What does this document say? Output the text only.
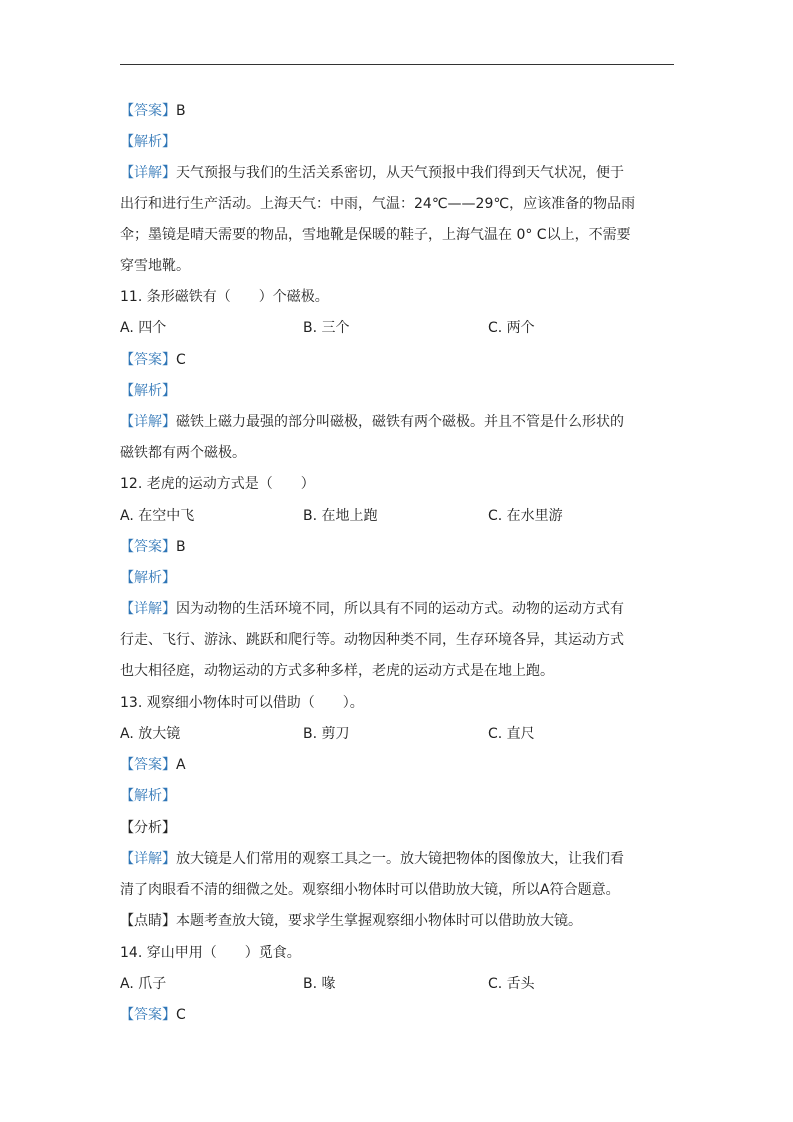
【答案】B
【解析】
【详解】天气预报与我们的生活关系密切，从天气预报中我们得到天气状况，便于
出行和进行生产活动。上海天气：中雨，气温：24℃——29℃，应该准备的物品雨
伞；墨镜是晴天需要的物品，雪地靴是保暖的鞋子，上海气温在 0° C以上，不需要
穿雪地靴。
11. 条形磁铁有（　　）个磁极。
A. 四个	B. 三个	C. 两个
【答案】C
【解析】
【详解】磁铁上磁力最强的部分叫磁极，磁铁有两个磁极。并且不管是什么形状的
磁铁都有两个磁极。
12. 老虎的运动方式是（　　）
A. 在空中飞	B. 在地上跑	C. 在水里游
【答案】B
【解析】
【详解】因为动物的生活环境不同，所以具有不同的运动方式。动物的运动方式有
行走、飞行、游泳、跳跃和爬行等。动物因种类不同，生存环境各异，其运动方式
也大相径庭，动物运动的方式多种多样，老虎的运动方式是在地上跑。
13. 观察细小物体时可以借助（　　）。
A. 放大镜	B. 剪刀	C. 直尺
【答案】A
【解析】
【分析】
【详解】放大镜是人们常用的观察工具之一。放大镜把物体的图像放大，让我们看
清了肉眼看不清的细微之处。观察细小物体时可以借助放大镜，所以A符合题意。
【点睛】本题考查放大镜，要求学生掌握观察细小物体时可以借助放大镜。
14. 穿山甲用（　　）觅食。
A. 爪子	B. 喙	C. 舌头
【答案】C
